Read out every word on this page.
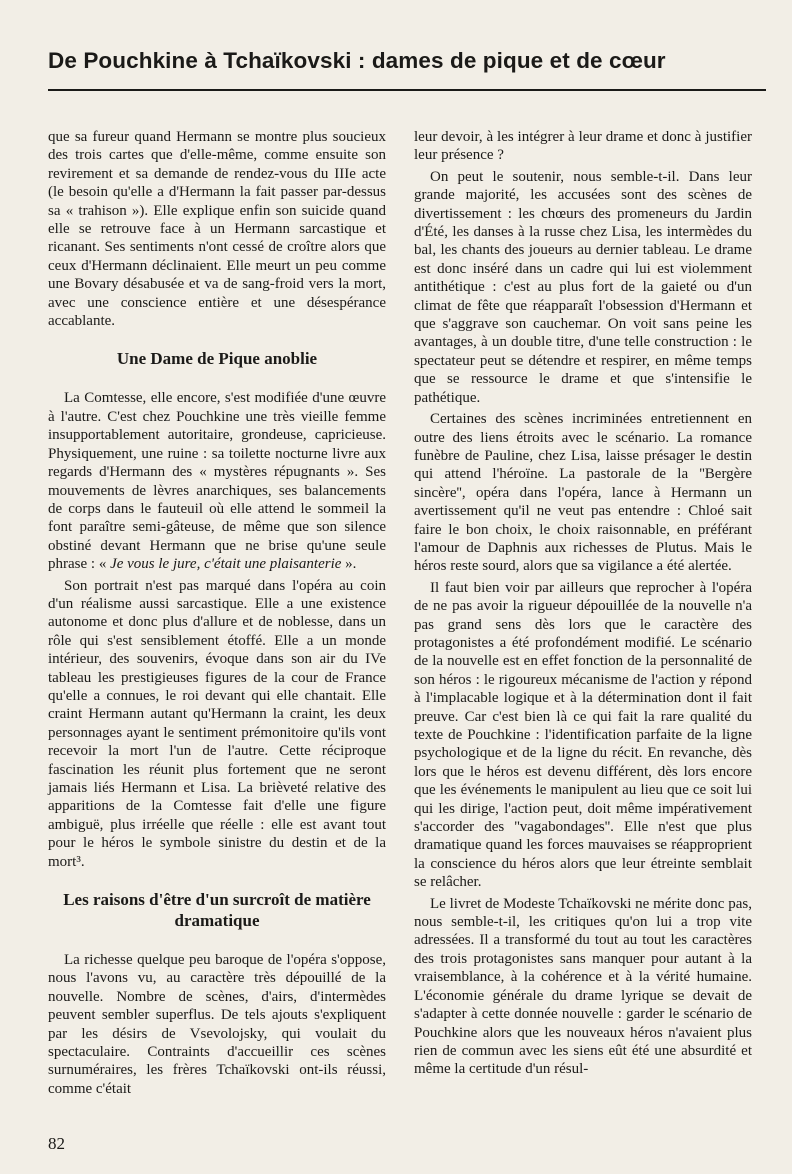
De Pouchkine à Tchaïkovski : dames de pique et de cœur

que sa fureur quand Hermann se montre plus soucieux des trois cartes que d'elle-même, comme ensuite son revirement et sa demande de rendez-vous du IIIe acte (le besoin qu'elle a d'Hermann la fait passer par-dessus sa « trahison »). Elle explique enfin son suicide quand elle se retrouve face à un Hermann sarcastique et ricanant. Ses sentiments n'ont cessé de croître alors que ceux d'Hermann déclinaient. Elle meurt un peu comme une Bovary désabusée et va de sang-froid vers la mort, avec une conscience entière et une désespérance accablante.

Une Dame de Pique anoblie

La Comtesse, elle encore, s'est modifiée d'une œuvre à l'autre. C'est chez Pouchkine une très vieille femme insupportablement autoritaire, grondeuse, capricieuse. Physiquement, une ruine : sa toilette nocturne livre aux regards d'Hermann des « mystères répugnants ». Ses mouvements de lèvres anarchiques, ses balancements de corps dans le fauteuil où elle attend le sommeil la font paraître semi-gâteuse, de même que son silence obstiné devant Hermann que ne brise qu'une seule phrase : « Je vous le jure, c'était une plaisanterie ».

Son portrait n'est pas marqué dans l'opéra au coin d'un réalisme aussi sarcastique. Elle a une existence autonome et donc plus d'allure et de noblesse, dans un rôle qui s'est sensiblement étoffé. Elle a un monde intérieur, des souvenirs, évoque dans son air du IVe tableau les prestigieuses figures de la cour de France qu'elle a connues, le roi devant qui elle chantait. Elle craint Hermann autant qu'Hermann la craint, les deux personnages ayant le sentiment prémonitoire qu'ils vont recevoir la mort l'un de l'autre. Cette réciproque fascination les réunit plus fortement que ne seront jamais liés Hermann et Lisa. La brièveté relative des apparitions de la Comtesse fait d'elle une figure ambiguë, plus irréelle que réelle : elle est avant tout pour le héros le symbole sinistre du destin et de la mort³.

Les raisons d'être d'un surcroît de matière dramatique

La richesse quelque peu baroque de l'opéra s'oppose, nous l'avons vu, au caractère très dépouillé de la nouvelle. Nombre de scènes, d'airs, d'intermèdes peuvent sembler superflus. De tels ajouts s'expliquent par les désirs de Vsevolojsky, qui voulait du spectaculaire. Contraints d'accueillir ces scènes surnuméraires, les frères Tchaïkovski ont-ils réussi, comme c'était

leur devoir, à les intégrer à leur drame et donc à justifier leur présence ?

On peut le soutenir, nous semble-t-il. Dans leur grande majorité, les accusées sont des scènes de divertissement : les chœurs des promeneurs du Jardin d'Été, les danses à la russe chez Lisa, les intermèdes du bal, les chants des joueurs au dernier tableau. Le drame est donc inséré dans un cadre qui lui est violemment antithétique : c'est au plus fort de la gaieté ou d'un climat de fête que réapparaît l'obsession d'Hermann et que s'aggrave son cauchemar. On voit sans peine les avantages, à un double titre, d'une telle construction : le spectateur peut se détendre et respirer, en même temps que se ressource le drame et que s'intensifie le pathétique.

Certaines des scènes incriminées entretiennent en outre des liens étroits avec le scénario. La romance funèbre de Pauline, chez Lisa, laisse présager le destin qui attend l'héroïne. La pastorale de la ''Bergère sincère'', opéra dans l'opéra, lance à Hermann un avertissement qu'il ne veut pas entendre : Chloé sait faire le bon choix, le choix raisonnable, en préférant l'amour de Daphnis aux richesses de Plutus. Mais le héros reste sourd, alors que sa vigilance a été alertée.

Il faut bien voir par ailleurs que reprocher à l'opéra de ne pas avoir la rigueur dépouillée de la nouvelle n'a pas grand sens dès lors que le caractère des protagonistes a été profondément modifié. Le scénario de la nouvelle est en effet fonction de la personnalité de son héros : le rigoureux mécanisme de l'action y répond à l'implacable logique et à la détermination dont il fait preuve. Car c'est bien là ce qui fait la rare qualité du texte de Pouchkine : l'identification parfaite de la ligne psychologique et de la ligne du récit. En revanche, dès lors que le héros est devenu différent, dès lors encore que les événements le manipulent au lieu que ce soit lui qui les dirige, l'action peut, doit même impérativement s'accorder des ''vagabondages''. Elle n'est que plus dramatique quand les forces mauvaises se réapproprient la conscience du héros alors que leur étreinte semblait se relâcher.

Le livret de Modeste Tchaïkovski ne mérite donc pas, nous semble-t-il, les critiques qu'on lui a trop vite adressées. Il a transformé du tout au tout les caractères des trois protagonistes sans manquer pour autant à la vraisemblance, à la cohérence et à la vérité humaine. L'économie générale du drame lyrique se devait de s'adapter à cette donnée nouvelle : garder le scénario de Pouchkine alors que les nouveaux héros n'avaient plus rien de commun avec les siens eût été une absurdité et même la certitude d'un résul-

82
